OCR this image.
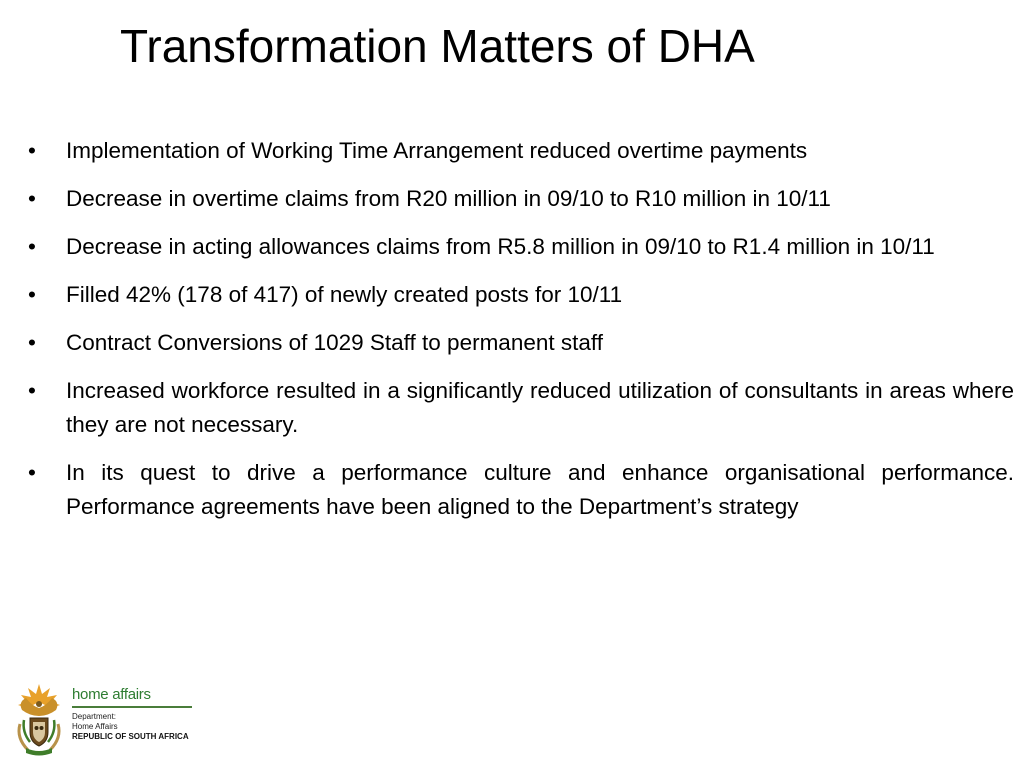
Transformation Matters of DHA
•	Implementation of Working Time Arrangement reduced overtime payments
•	Decrease in overtime claims from R20 million in 09/10 to R10 million in 10/11
•	Decrease in acting allowances claims from R5.8 million in 09/10 to R1.4 million in 10/11
•	Filled 42% (178 of 417) of newly created posts for 10/11
•	Contract Conversions of 1029 Staff to permanent staff
•	Increased workforce resulted in a significantly reduced utilization of consultants in areas where they are not necessary.
•	In its quest to drive a performance culture and enhance organisational performance. Performance agreements have been aligned to the Department’s strategy
home affairs
Department:
Home Affairs
REPUBLIC OF SOUTH AFRICA
